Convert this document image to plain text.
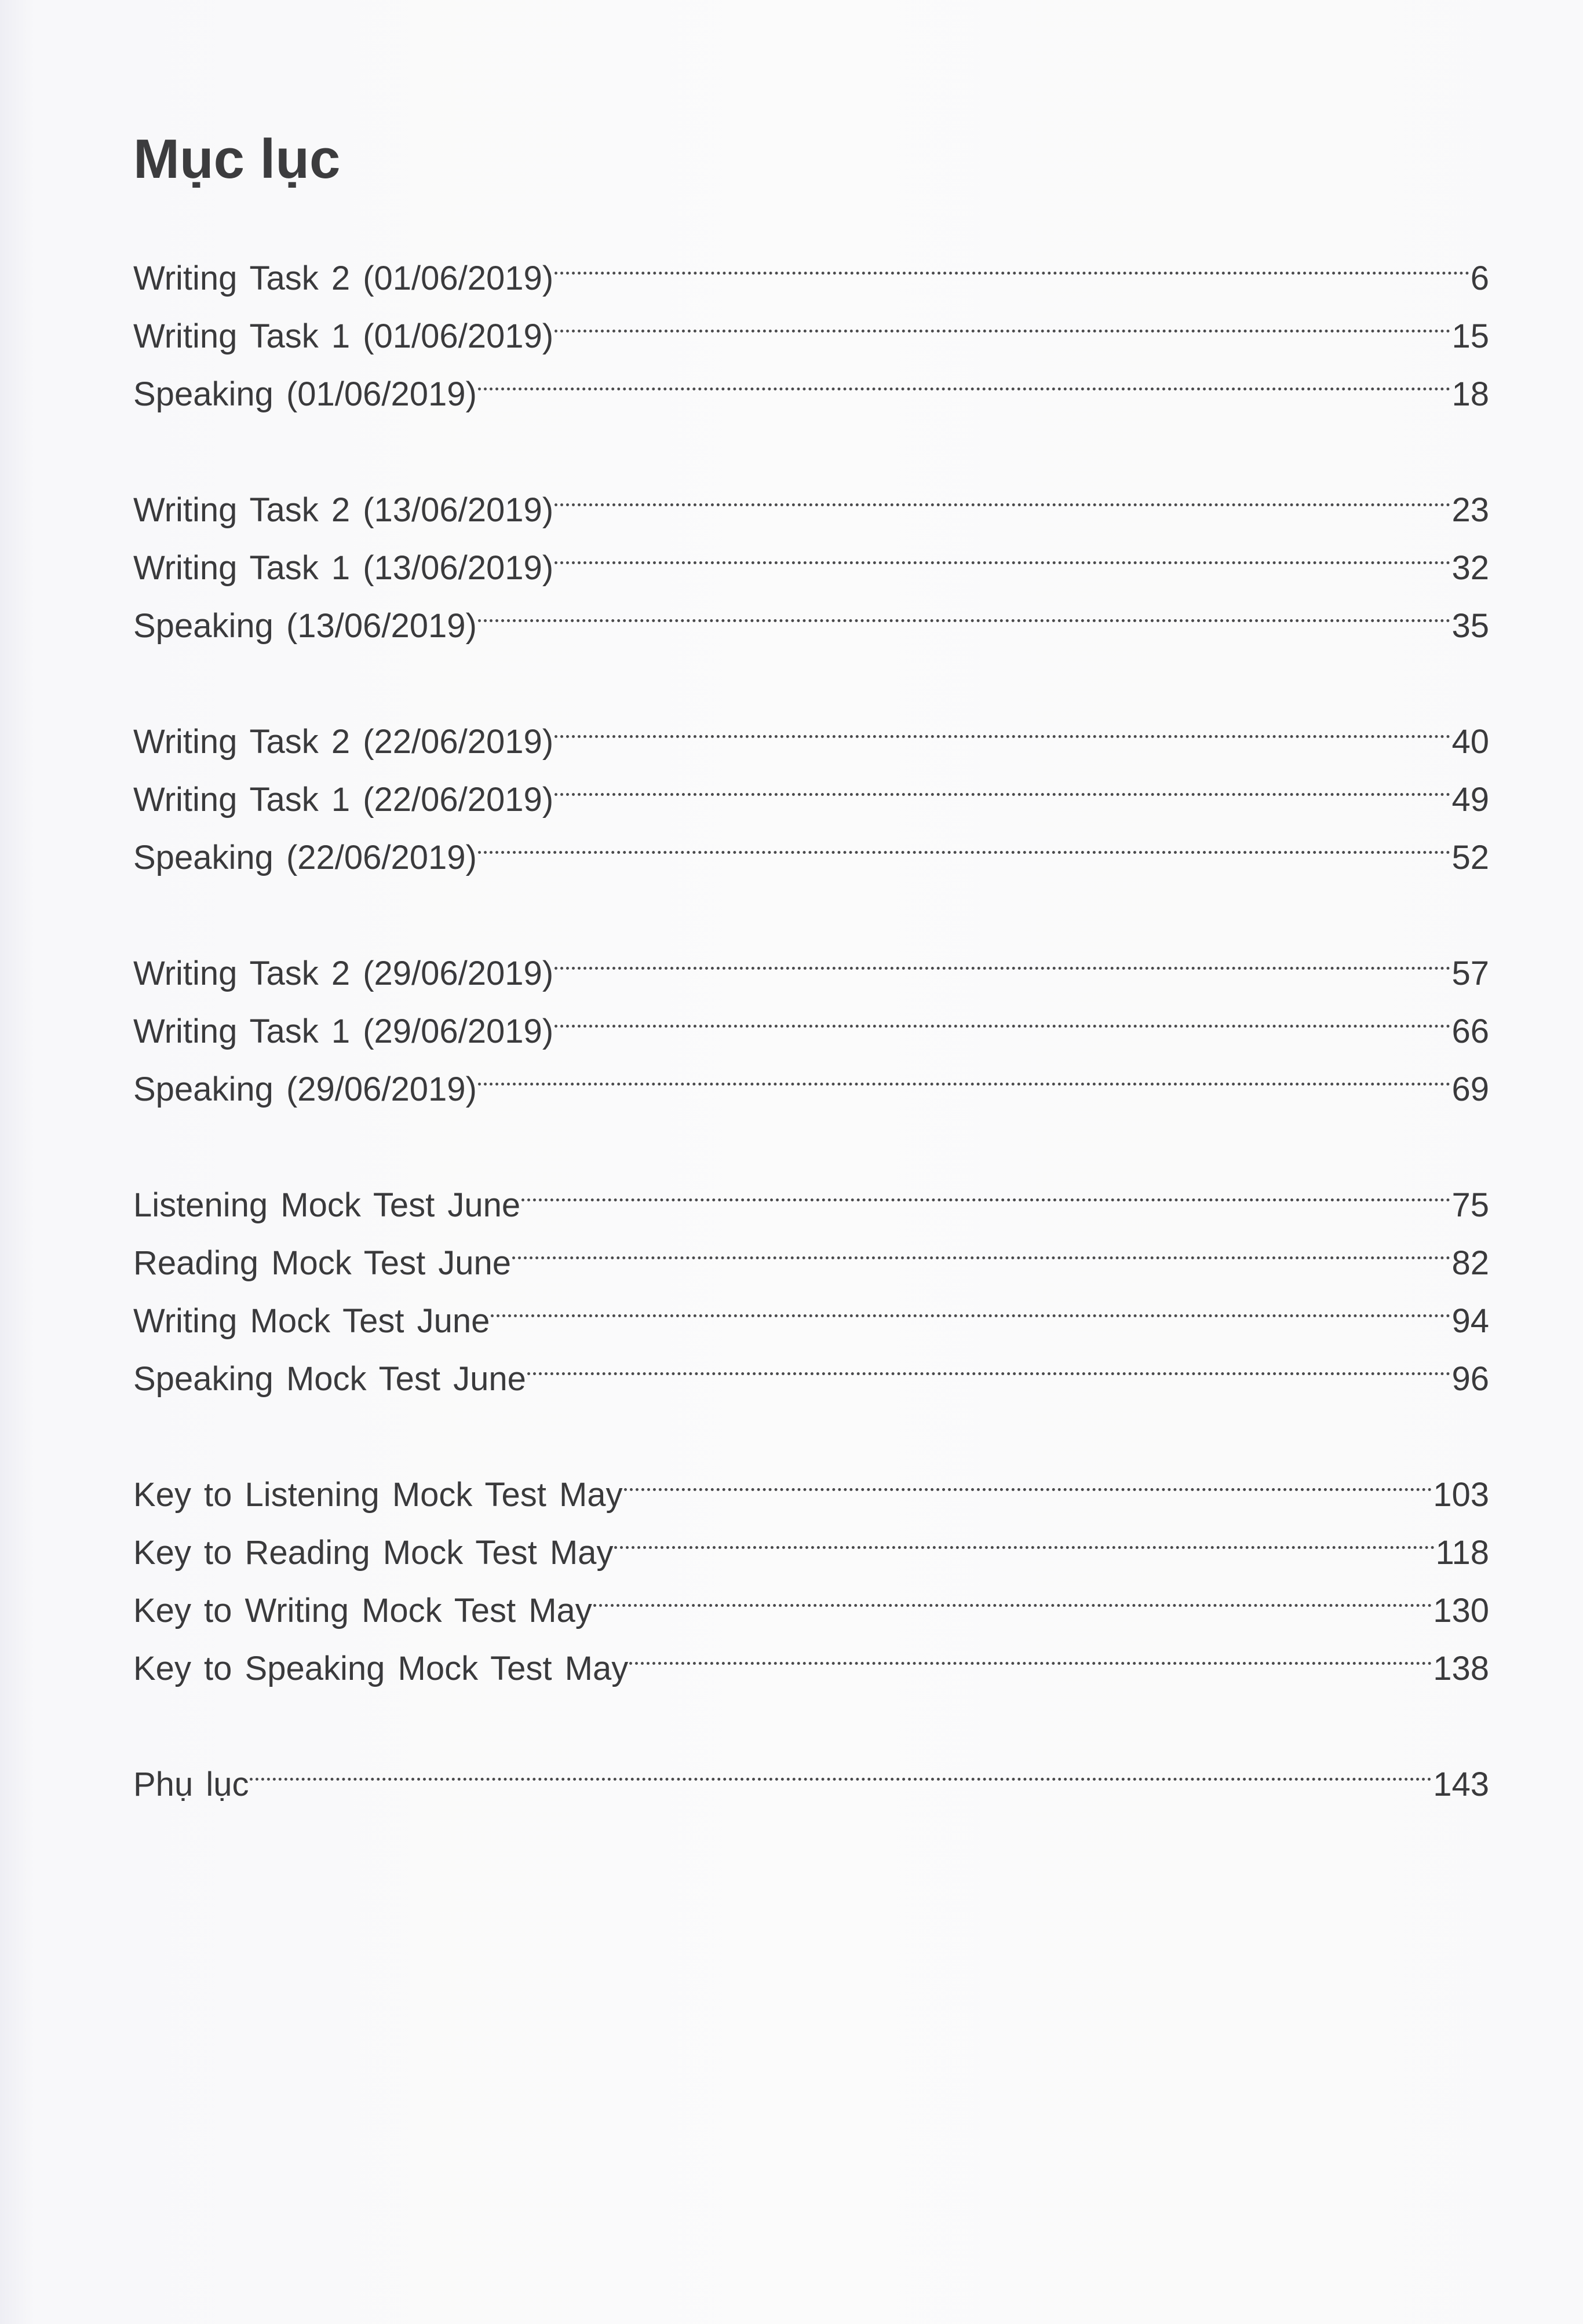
Mục lục
Writing Task 2 (01/06/2019)	6
Writing Task 1 (01/06/2019)	15
Speaking (01/06/2019)	18
Writing Task 2 (13/06/2019)	23
Writing Task 1 (13/06/2019)	32
Speaking (13/06/2019)	35
Writing Task 2 (22/06/2019)	40
Writing Task 1 (22/06/2019)	49
Speaking (22/06/2019)	52
Writing Task 2 (29/06/2019)	57
Writing Task 1 (29/06/2019)	66
Speaking (29/06/2019)	69
Listening Mock Test June	75
Reading Mock Test June	82
Writing Mock Test June	94
Speaking Mock Test June	96
Key to Listening Mock Test May	103
Key to Reading Mock Test May	118
Key to Writing Mock Test May	130
Key to Speaking Mock Test May	138
Phụ lục	143
